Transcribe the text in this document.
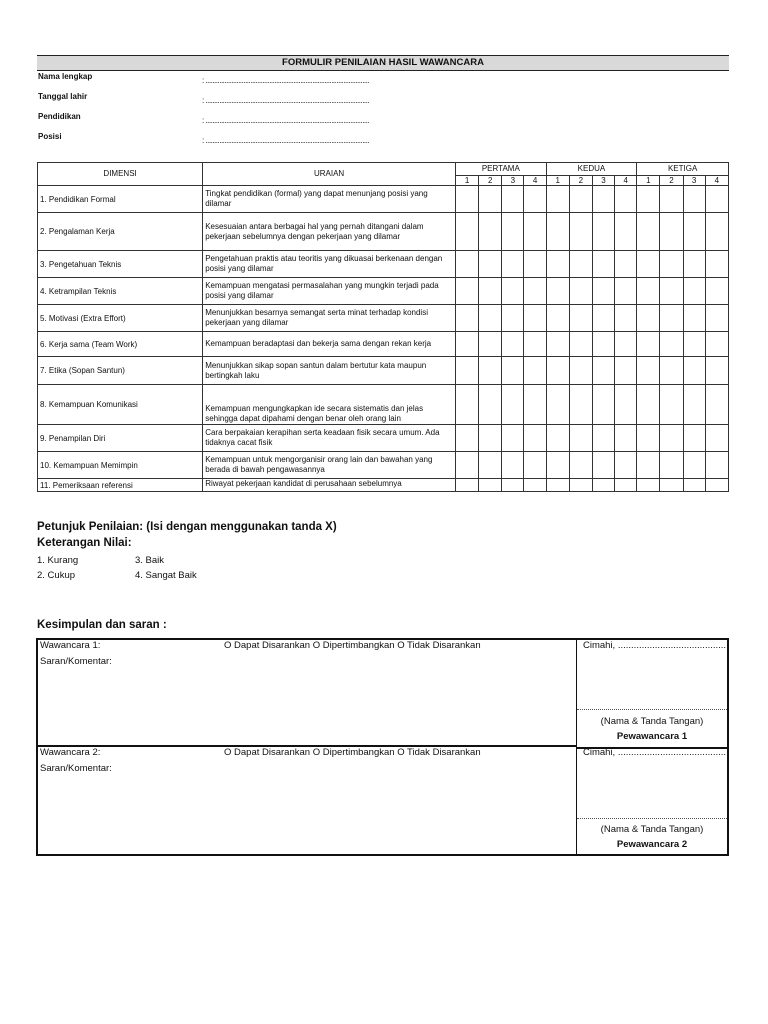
FORMULIR PENILAIAN HASIL WAWANCARA
Nama lengkap	: ...............................................................................................
Tanggal lahir	: ...............................................................................................
Pendidikan	: ...............................................................................................
Posisi	: ...............................................................................................
DIMENSI	URAIAN	PERTAMA				KEDUA				KETIGA			
		1	2	3	4	1	2	3	4	1	2	3	4
1. Pendidikan Formal	Tingkat pendidikan (formal) yang dapat menunjang posisi yang dilamar												
2. Pengalaman Kerja	Kesesuaian antara berbagai hal yang pernah ditangani dalam pekerjaan sebelumnya dengan pekerjaan yang dilamar												
3. Pengetahuan Teknis	Pengetahuan praktis atau teoritis yang dikuasai berkenaan dengan posisi yang dilamar												
4. Ketrampilan Teknis	Kemampuan mengatasi permasalahan yang mungkin terjadi pada posisi yang dilamar												
5. Motivasi (Extra Effort)	Menunjukkan besarnya semangat serta minat terhadap kondisi pekerjaan yang dilamar												
6. Kerja sama (Team Work)	Kemampuan beradaptasi dan bekerja sama dengan rekan kerja												
7. Etika (Sopan Santun)	Menunjukkan sikap sopan santun dalam bertutur kata maupun bertingkah laku												
8. Kemampuan Komunikasi	Kemampuan mengungkapkan ide secara sistematis dan jelas sehingga dapat dipahami dengan benar oleh orang lain												
9. Penampilan Diri	Cara berpakaian kerapihan serta keadaan fisik secara umum. Ada tidaknya cacat fisik												
10. Kemampuan Memimpin	Kemampuan untuk mengorganisir orang lain dan bawahan yang berada di bawah pengawasannya												
11. Pemeriksaan referensi	Riwayat pekerjaan kandidat di perusahaan sebelumnya												
Petunjuk Penilaian: (Isi dengan menggunakan tanda X)
Keterangan Nilai:
1. Kurang	3. Baik
2. Cukup	4. Sangat Baik
Kesimpulan dan saran :
Wawancara 1:	O Dapat Disarankan O Dipertimbangkan O Tidak Disarankan
Saran/Komentar:
Cimahi, .........................................
(Nama & Tanda Tangan)
Pewawancara 1
Wawancara 2:	O Dapat Disarankan O Dipertimbangkan O Tidak Disarankan
Saran/Komentar:
Cimahi, .........................................
(Nama & Tanda Tangan)
Pewawancara 2
